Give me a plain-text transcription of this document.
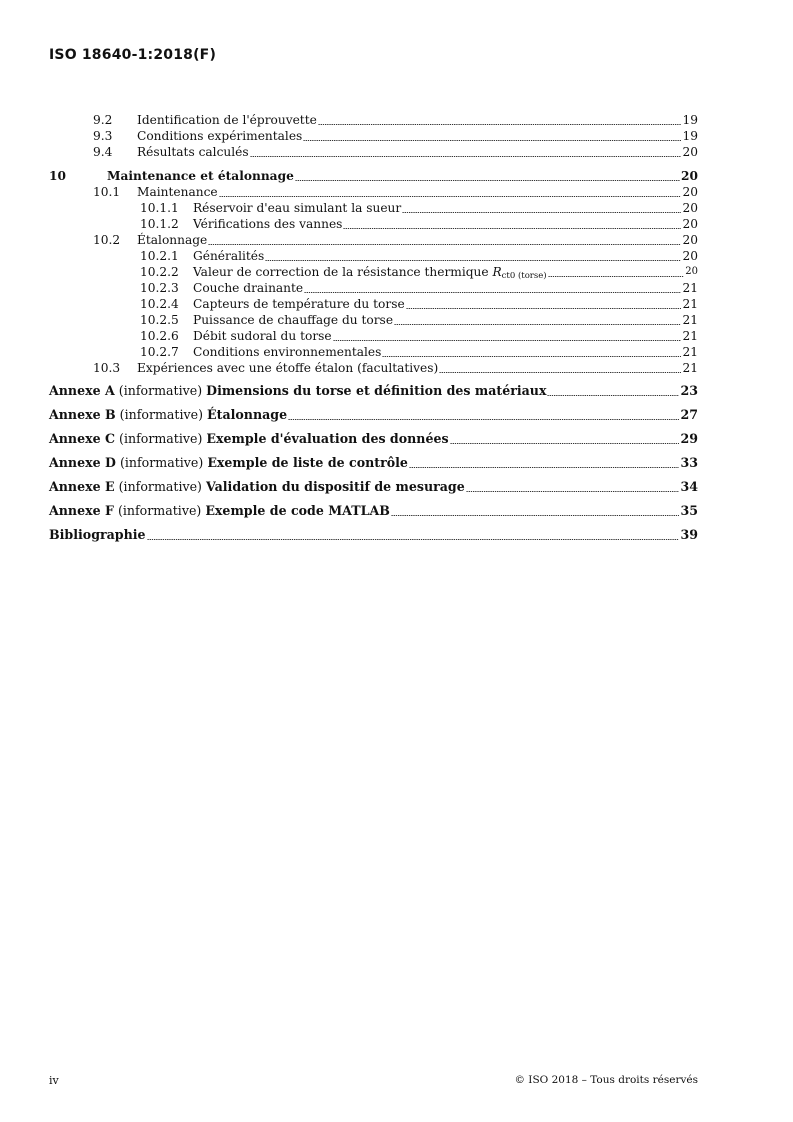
ISO 18640-1:2018(F)
9.2	Identification de l'éprouvette	19
9.3	Conditions expérimentales	19
9.4	Résultats calculés	20
10	Maintenance et étalonnage	20
10.1	Maintenance	20
10.1.1	Réservoir d'eau simulant la sueur	20
10.1.2	Vérifications des vannes	20
10.2	Étalonnage	20
10.2.1	Généralités	20
10.2.2	Valeur de correction de la résistance thermique $R_{ct0 (torse)}$	20
10.2.3	Couche drainante	21
10.2.4	Capteurs de température du torse	21
10.2.5	Puissance de chauffage du torse	21
10.2.6	Débit sudoral du torse	21
10.2.7	Conditions environnementales	21
10.3	Expériences avec une étoffe étalon (facultatives)	21
Annexe A (informative) Dimensions du torse et définition des matériaux	23
Annexe B (informative) Étalonnage	27
Annexe C (informative) Exemple d'évaluation des données	29
Annexe D (informative) Exemple de liste de contrôle	33
Annexe E (informative) Validation du dispositif de mesurage	34
Annexe F (informative) Exemple de code MATLAB	35
Bibliographie	39
iv	© ISO 2018 – Tous droits réservés
